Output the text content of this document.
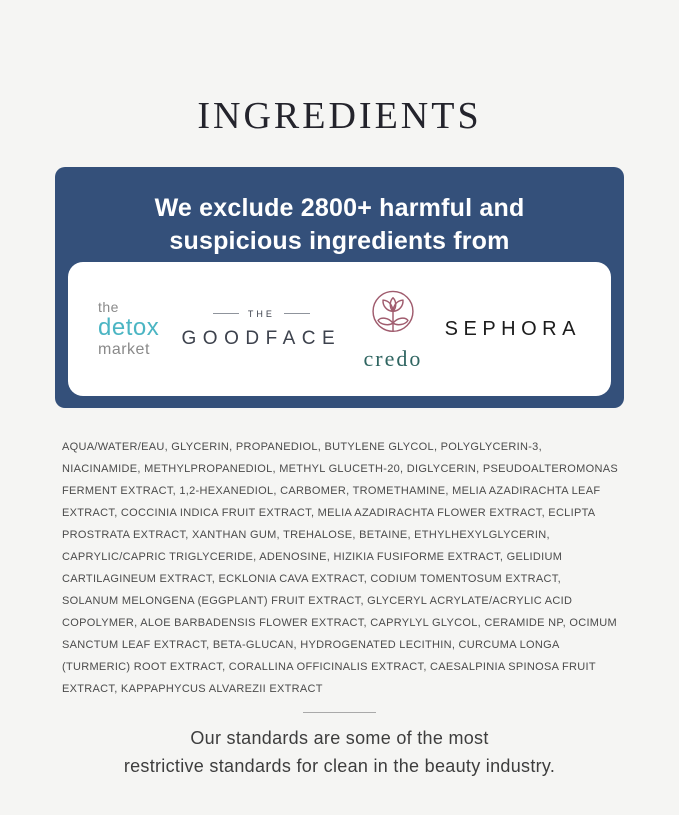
INGREDIENTS
We exclude 2800+ harmful and
suspicious ingredients from
the
detox
market
THE
GOODFACE
credo
SEPHORA

AQUA/WATER/EAU, GLYCERIN, PROPANEDIOL, BUTYLENE GLYCOL, POLYGLYCERIN-3, NIACINAMIDE, METHYLPROPANEDIOL, METHYL GLUCETH-20, DIGLYCERIN, PSEUDOALTEROMONAS FERMENT EXTRACT, 1,2-HEXANEDIOL, CARBOMER, TROMETHAMINE, MELIA AZADIRACHTA LEAF EXTRACT, COCCINIA INDICA FRUIT EXTRACT, MELIA AZADIRACHTA FLOWER EXTRACT, ECLIPTA PROSTRATA EXTRACT, XANTHAN GUM, TREHALOSE, BETAINE, ETHYLHEXYLGLYCERIN, CAPRYLIC/CAPRIC TRIGLYCERIDE, ADENOSINE, HIZIKIA FUSIFORME EXTRACT, GELIDIUM CARTILAGINEUM EXTRACT, ECKLONIA CAVA EXTRACT, CODIUM TOMENTOSUM EXTRACT, SOLANUM MELONGENA (EGGPLANT) FRUIT EXTRACT, GLYCERYL ACRYLATE/ACRYLIC ACID COPOLYMER, ALOE BARBADENSIS FLOWER EXTRACT, CAPRYLYL GLYCOL, CERAMIDE NP, OCIMUM SANCTUM LEAF EXTRACT, BETA-GLUCAN, HYDROGENATED LECITHIN, CURCUMA LONGA (TURMERIC) ROOT EXTRACT, CORALLINA OFFICINALIS EXTRACT, CAESALPINIA SPINOSA FRUIT EXTRACT, KAPPAPHYCUS ALVAREZII EXTRACT

Our standards are some of the most
restrictive standards for clean in the beauty industry.
